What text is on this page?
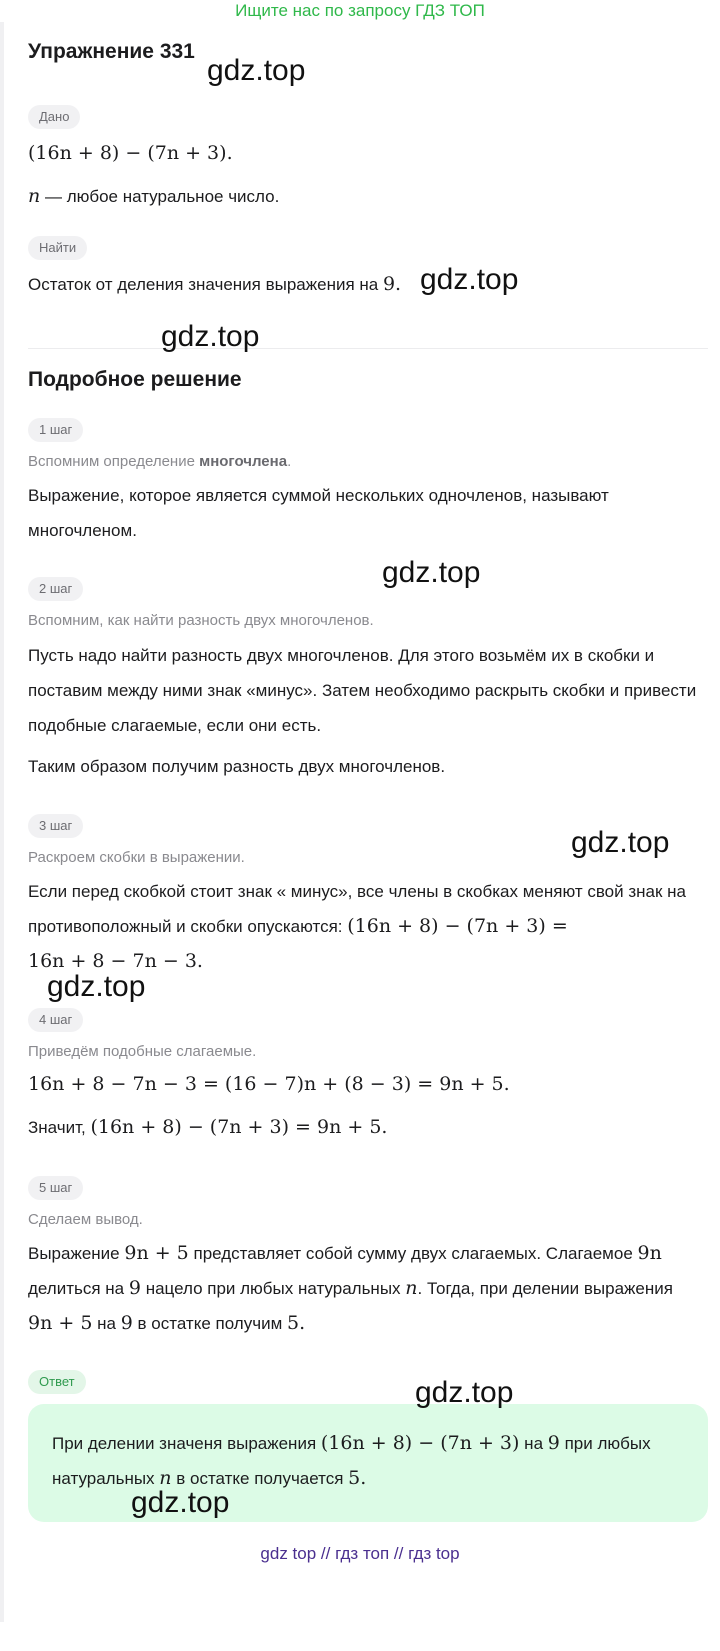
Ищите нас по запросу ГДЗ ТОП
Упражнение 331
Дано
(16n + 8) − (7n + 3).
n — любое натуральное число.
Найти
Остаток от деления значения выражения на 9.
Подробное решение
1 шаг
Вспомним определение многочлена.
Выражение, которое является суммой нескольких одночленов, называют многочленом.
2 шаг
Вспомним, как найти разность двух многочленов.
Пусть надо найти разность двух многочленов. Для этого возьмём их в скобки и поставим между ними знак «минус». Затем необходимо раскрыть скобки и привести подобные слагаемые, если они есть.
Таким образом получим разность двух многочленов.
3 шаг
Раскроем скобки в выражении.
Если перед скобкой стоит знак « минус», все члены в скобках меняют свой знак на противоположный и скобки опускаются: (16n + 8) − (7n + 3) =
16n + 8 − 7n − 3.
4 шаг
Приведём подобные слагаемые.
16n + 8 − 7n − 3 = (16 − 7)n + (8 − 3) = 9n + 5.
Значит, (16n + 8) − (7n + 3) = 9n + 5.
5 шаг
Сделаем вывод.
Выражение 9n + 5 представляет собой сумму двух слагаемых. Слагаемое 9n делиться на 9 нацело при любых натуральных n. Тогда, при делении выражения 9n + 5 на 9 в остатке получим 5.
Ответ
При делении значеня выражения (16n + 8) − (7n + 3) на 9 при любых натуральных n в остатке получается 5.
gdz.top
gdz.top
gdz.top
gdz.top
gdz.top
gdz.top
gdz.top
gdz.top
gdz top // гдз топ // гдз top
